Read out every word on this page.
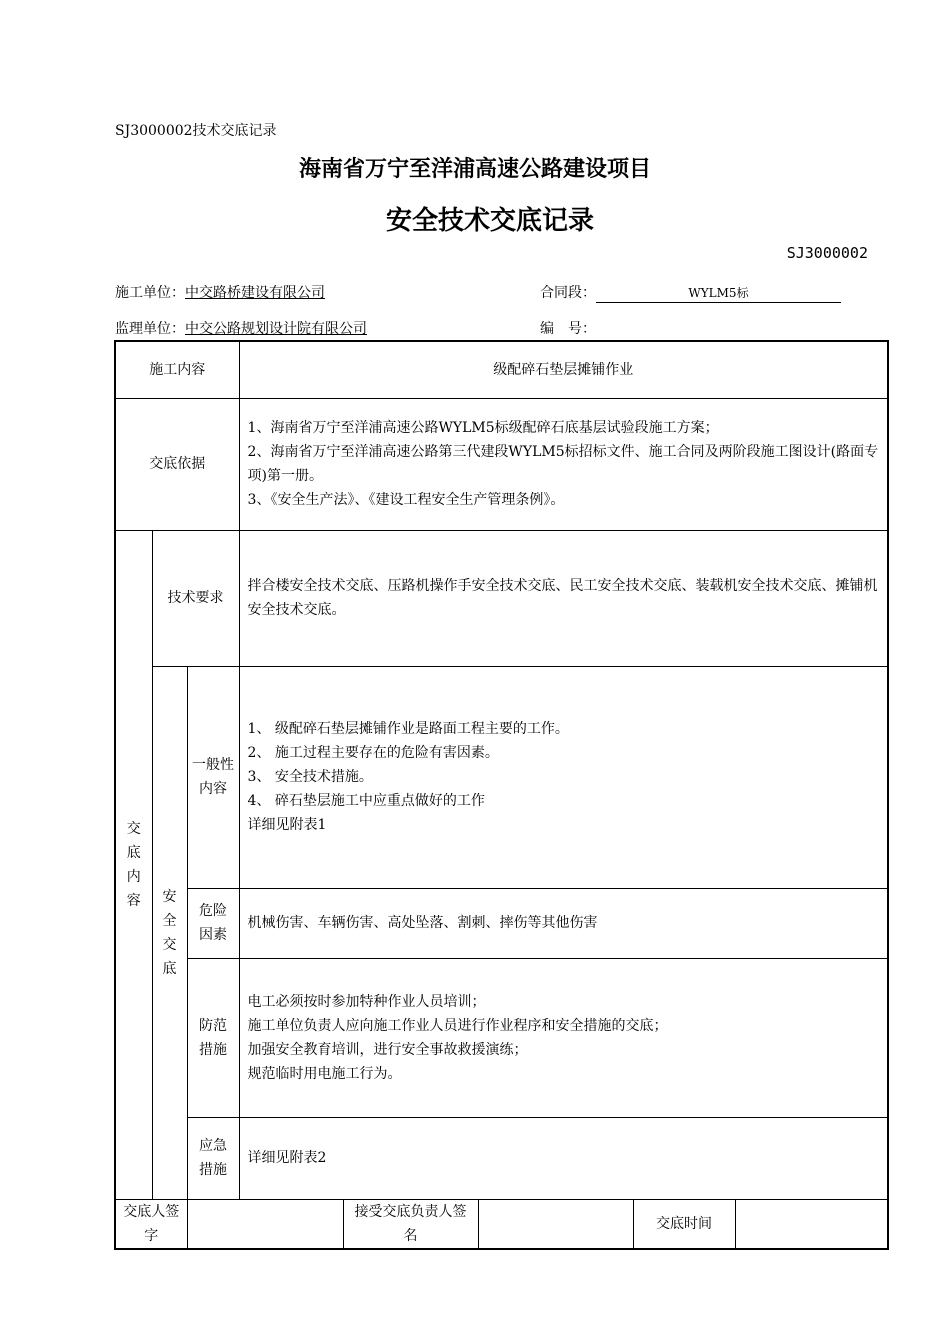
SJ3000002技术交底记录
海南省万宁至洋浦高速公路建设项目
安全技术交底记录
SJ3000002
施工单位：中交路桥建设有限公司	合同段：	WYLM5标
监理单位：中交公路规划设计院有限公司	编　号：
施工内容			级配碎石垫层摊铺作业				
交底依据			1、海南省万宁至洋浦高速公路WYLM5标级配碎石底基层试验段施工方案；
2、海南省万宁至洋浦高速公路第三代建段WYLM5标招标文件、施工合同及两阶段施工图设计(路面专项)第一册。
3、《安全生产法》、《建设工程安全生产管理条例》。				

交底内容	技术要求		拌合楼安全技术交底、压路机操作手安全技术交底、民工安全技术交底、装载机安全技术交底、摊铺机安全技术交底。				

	安全交底	一般性内容	1、 级配碎石垫层摊铺作业是路面工程主要的工作。
2、 施工过程主要存在的危险有害因素。
3、 安全技术措施。
4、 碎石垫层施工中应重点做好的工作
详细见附表1				

		危险因素	机械伤害、车辆伤害、高处坠落、割刺、摔伤等其他伤害				

		防范措施	电工必须按时参加特种作业人员培训；
施工单位负责人应向施工作业人员进行作业程序和安全措施的交底；
加强安全教育培训，进行安全事故救援演练；
规范临时用电施工行为。				

		应急措施	详细见附表2				

交底人签字				接受交底负责人签名		交底时间	
